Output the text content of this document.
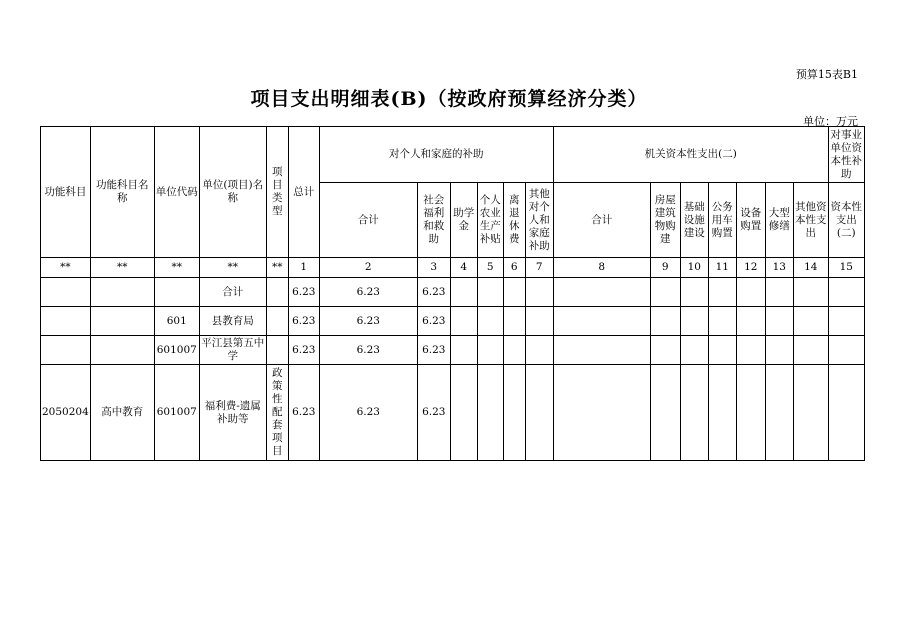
预算15表B1
项目支出明细表(B)（按政府预算经济分类）
单位：万元
功能科目	功能科目名称	单位代码	单位(项目)名称	项目类型	总计	对个人和家庭的补助						机关资本性支出(二)							对事业单位资本性补助
						合计	社会福利和救助	助学金	个人农业生产补贴	离退休费	其他对个人和家庭补助	合计	房屋建筑物购建	基础设施建设	公务用车购置	设备购置	大型修缮	其他资本性支出	资本性支出(二)
**	**	**	**	**	1	2	3	4	5	6	7	8	9	10	11	12	13	14	15
			合计		6.23	6.23	6.23												
		601	县教育局		6.23	6.23	6.23												
		601007	平江县第五中学		6.23	6.23	6.23												
2050204	高中教育	601007	福利费-遗属补助等	政策性配套项目	6.23	6.23	6.23												
